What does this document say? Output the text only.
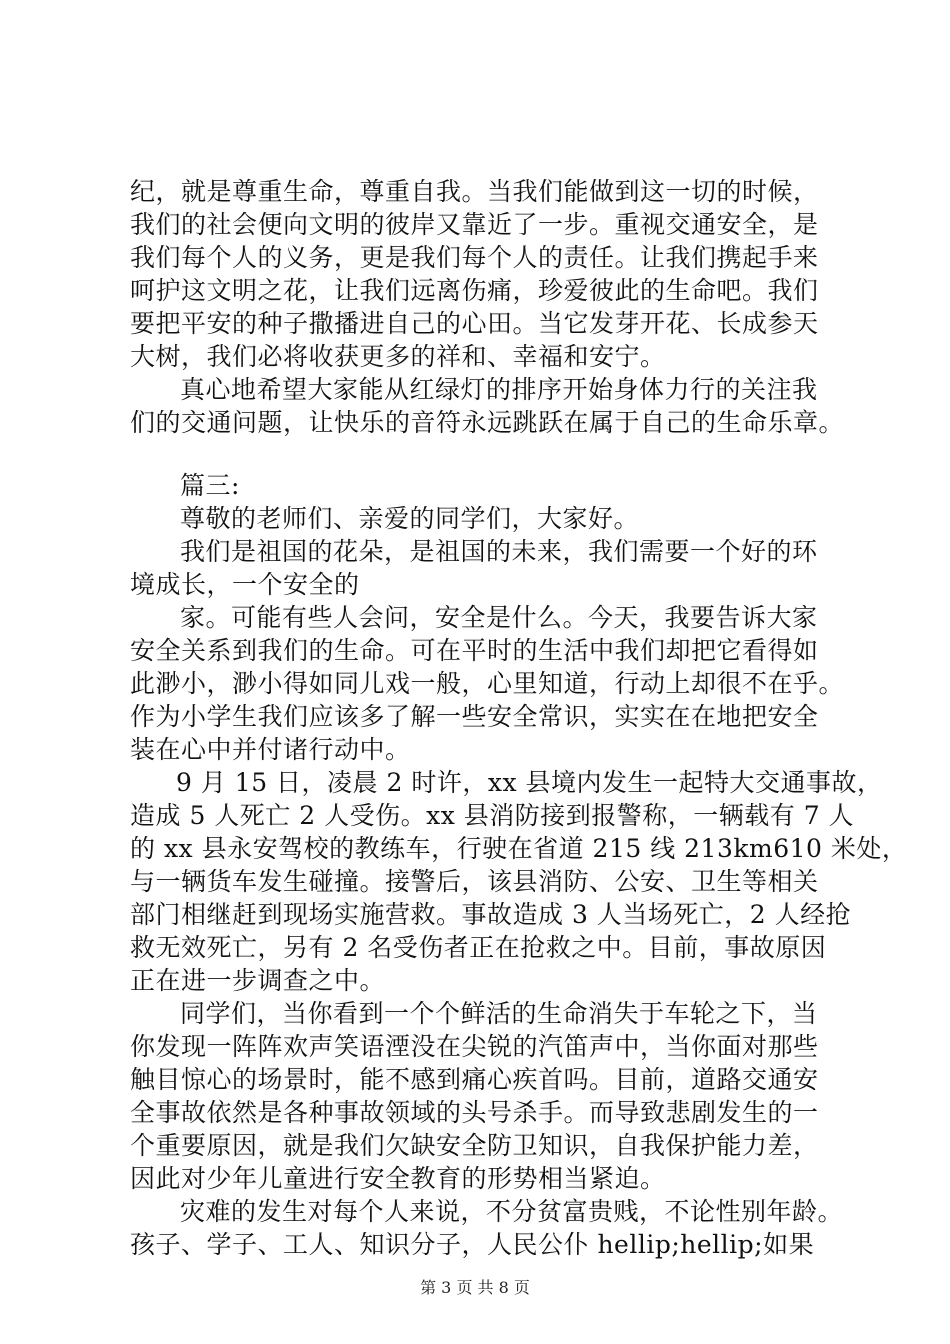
纪，就是尊重生命，尊重自我。当我们能做到这一切的时候，
我们的社会便向文明的彼岸又靠近了一步。重视交通安全，是
我们每个人的义务，更是我们每个人的责任。让我们携起手来
呵护这文明之花，让我们远离伤痛，珍爱彼此的生命吧。我们
要把平安的种子撒播进自己的心田。当它发芽开花、长成参天
大树，我们必将收获更多的祥和、幸福和安宁。
真心地希望大家能从红绿灯的排序开始身体力行的关注我
们的交通问题，让快乐的音符永远跳跃在属于自己的生命乐章。
篇三:
尊敬的老师们、亲爱的同学们，大家好。
我们是祖国的花朵，是祖国的未来，我们需要一个好的环
境成长，一个安全的
家。可能有些人会问，安全是什么。今天，我要告诉大家
安全关系到我们的生命。可在平时的生活中我们却把它看得如
此渺小，渺小得如同儿戏一般，心里知道，行动上却很不在乎。
作为小学生我们应该多了解一些安全常识，实实在在地把安全
装在心中并付诸行动中。
9 月 15 日，凌晨 2 时许，xx 县境内发生一起特大交通事故，
造成 5 人死亡 2 人受伤。xx 县消防接到报警称，一辆载有 7 人
的 xx 县永安驾校的教练车，行驶在省道 215 线 213km610 米处，
与一辆货车发生碰撞。接警后，该县消防、公安、卫生等相关
部门相继赶到现场实施营救。事故造成 3 人当场死亡，2 人经抢
救无效死亡，另有 2 名受伤者正在抢救之中。目前，事故原因
正在进一步调查之中。
同学们，当你看到一个个鲜活的生命消失于车轮之下，当
你发现一阵阵欢声笑语湮没在尖锐的汽笛声中，当你面对那些
触目惊心的场景时，能不感到痛心疾首吗。目前，道路交通安
全事故依然是各种事故领域的头号杀手。而导致悲剧发生的一
个重要原因，就是我们欠缺安全防卫知识，自我保护能力差，
因此对少年儿童进行安全教育的形势相当紧迫。
灾难的发生对每个人来说，不分贫富贵贱，不论性别年龄。
孩子、学子、工人、知识分子，人民公仆 hellip;hellip;如果
第 3 页 共 8 页
